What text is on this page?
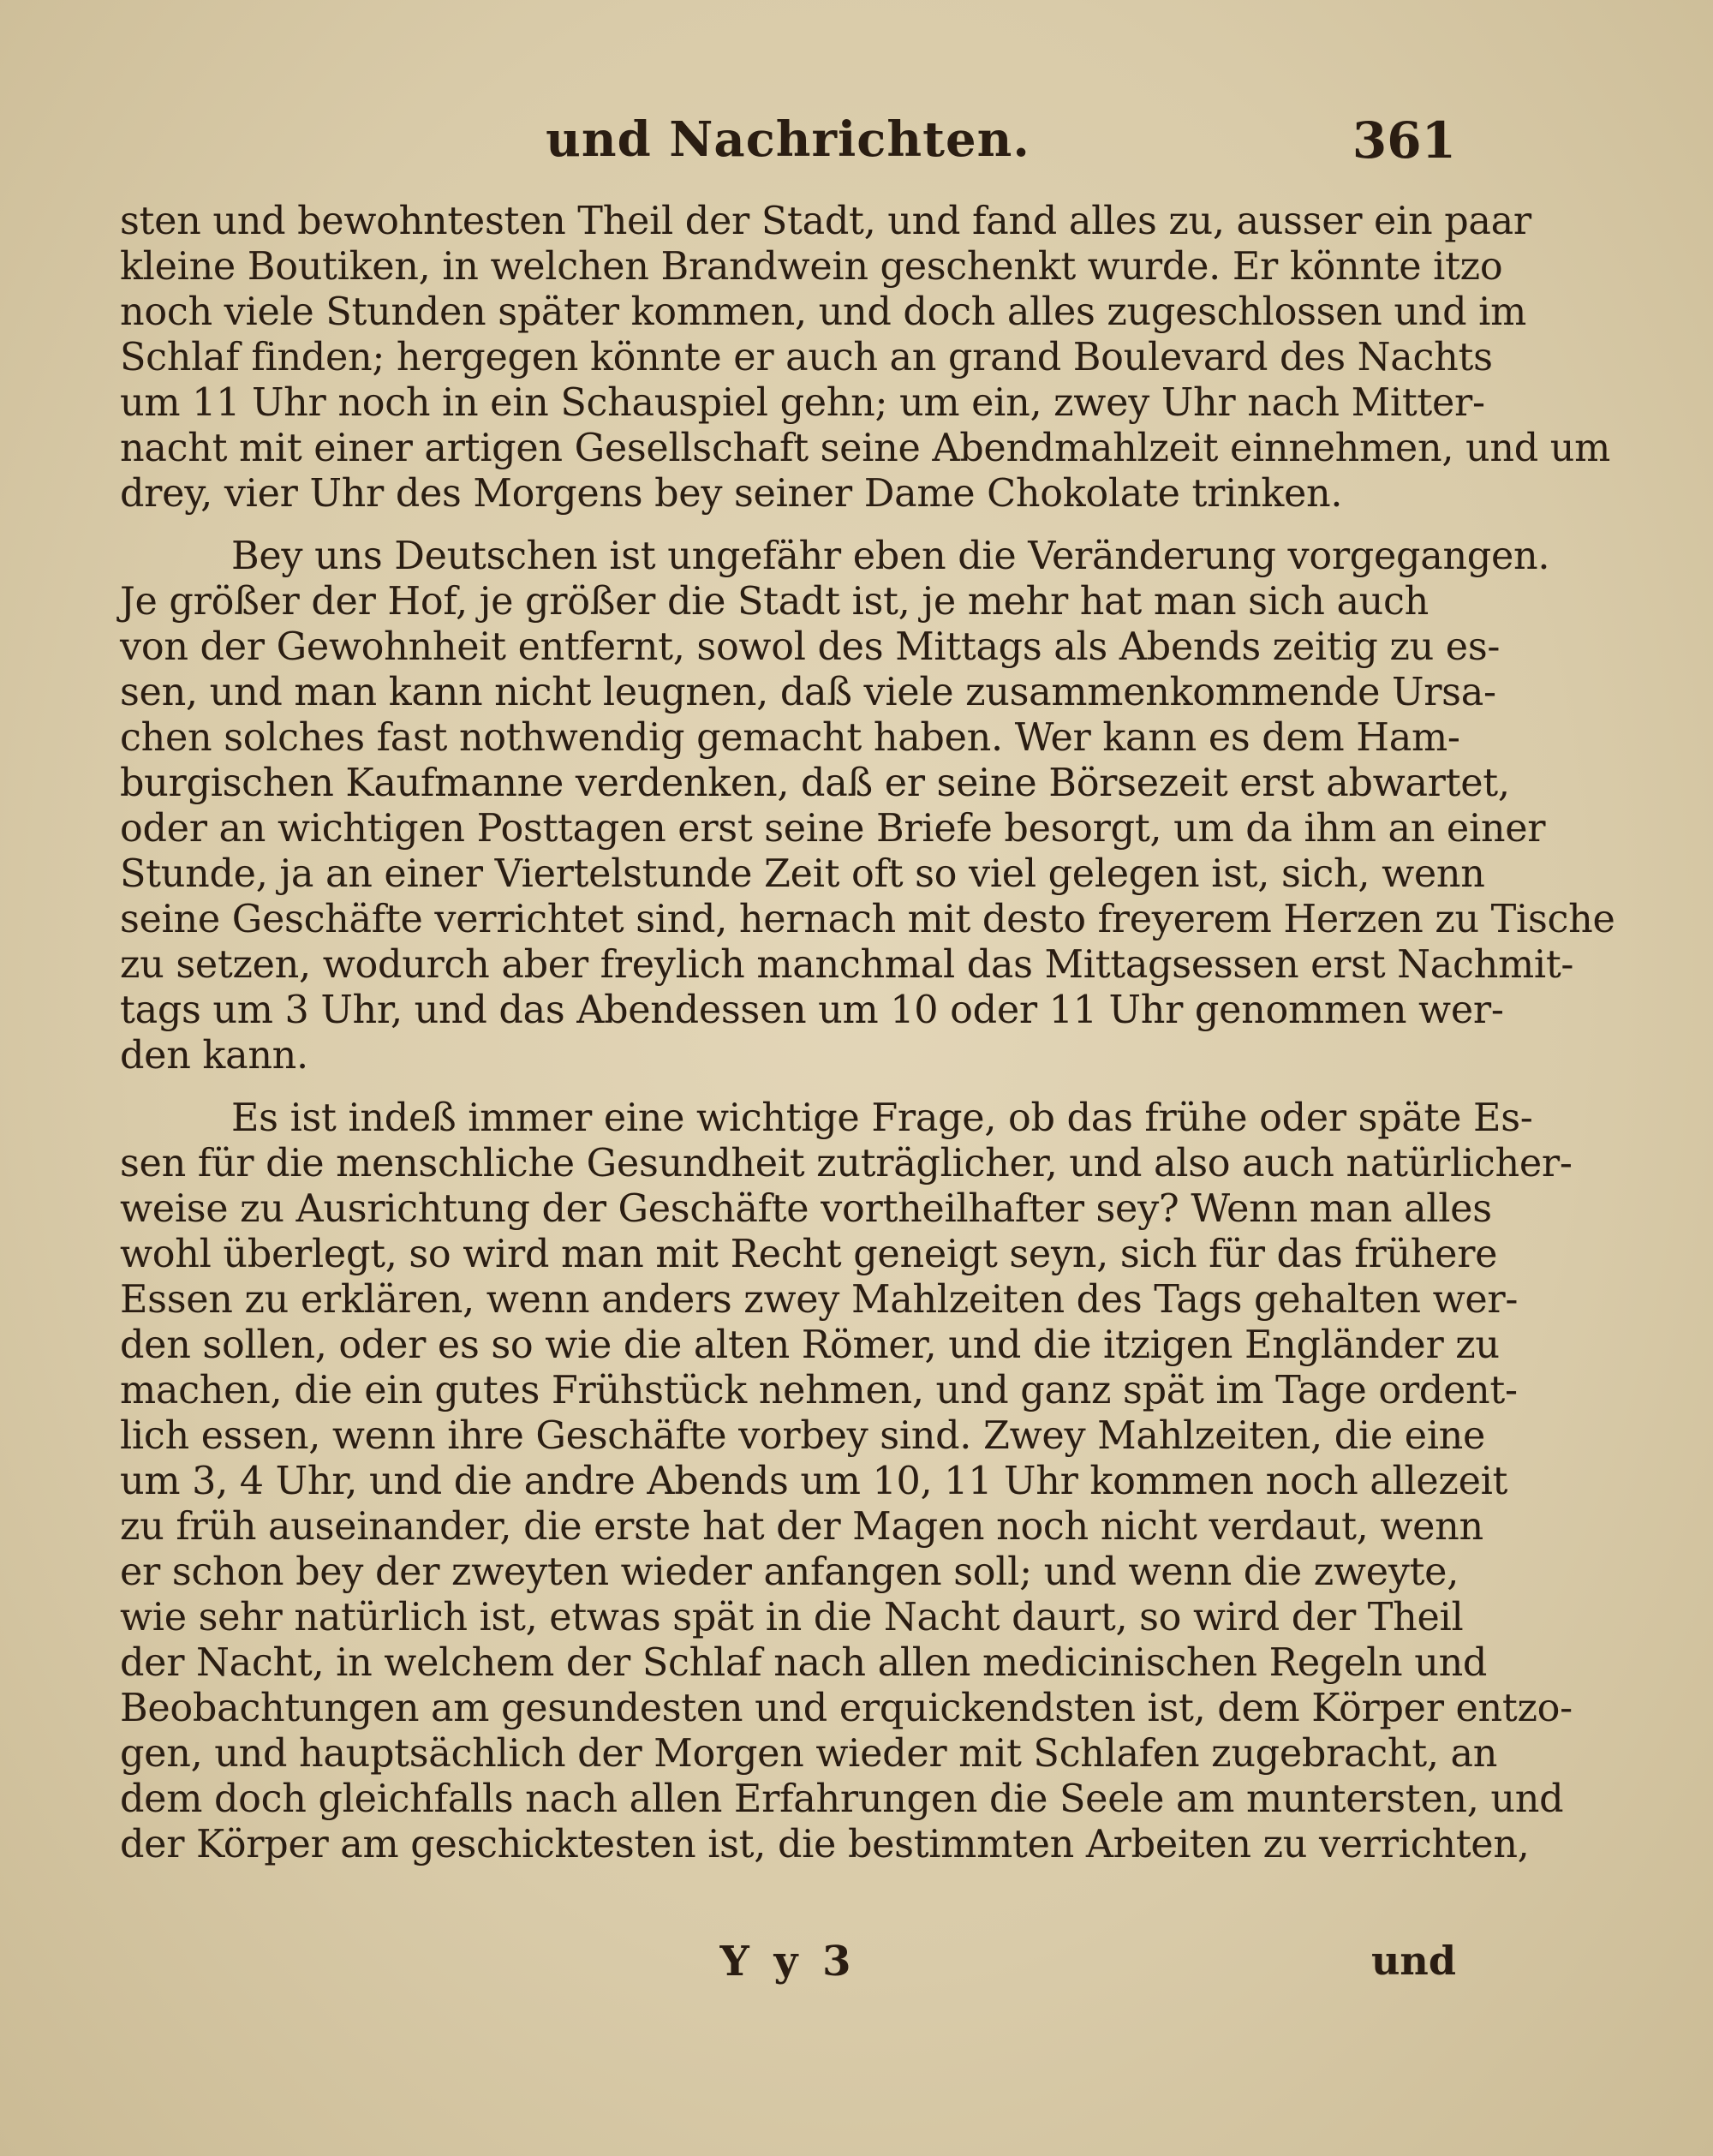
und Nachrichten.	361

sten und bewohntesten Theil der Stadt, und fand alles zu, ausser ein paar

kleine Boutiken, in welchen Brandwein geschenkt wurde. Er könnte itzo

noch viele Stunden später kommen, und doch alles zugeschlossen und im

Schlaf finden; hergegen könnte er auch an grand Boulevard des Nachts

um 11 Uhr noch in ein Schauspiel gehn; um ein, zwey Uhr nach Mitter-

nacht mit einer artigen Gesellschaft seine Abendmahlzeit einnehmen, und um

drey, vier Uhr des Morgens bey seiner Dame Chokolate trinken.

Bey uns Deutschen ist ungefähr eben die Veränderung vorgegangen.

Je größer der Hof, je größer die Stadt ist, je mehr hat man sich auch

von der Gewohnheit entfernt, sowol des Mittags als Abends zeitig zu es-

sen, und man kann nicht leugnen, daß viele zusammenkommende Ursa-

chen solches fast nothwendig gemacht haben. Wer kann es dem Ham-

burgischen Kaufmanne verdenken, daß er seine Börsezeit erst abwartet,

oder an wichtigen Posttagen erst seine Briefe besorgt, um da ihm an einer

Stunde, ja an einer Viertelstunde Zeit oft so viel gelegen ist, sich, wenn

seine Geschäfte verrichtet sind, hernach mit desto freyerem Herzen zu Tische

zu setzen, wodurch aber freylich manchmal das Mittagsessen erst Nachmit-

tags um 3 Uhr, und das Abendessen um 10 oder 11 Uhr genommen wer-

den kann.

Es ist indeß immer eine wichtige Frage, ob das frühe oder späte Es-

sen für die menschliche Gesundheit zuträglicher, und also auch natürlicher-

weise zu Ausrichtung der Geschäfte vortheilhafter sey? Wenn man alles

wohl überlegt, so wird man mit Recht geneigt seyn, sich für das frühere

Essen zu erklären, wenn anders zwey Mahlzeiten des Tags gehalten wer-

den sollen, oder es so wie die alten Römer, und die itzigen Engländer zu

machen, die ein gutes Frühstück nehmen, und ganz spät im Tage ordent-

lich essen, wenn ihre Geschäfte vorbey sind. Zwey Mahlzeiten, die eine

um 3, 4 Uhr, und die andre Abends um 10, 11 Uhr kommen noch allezeit

zu früh auseinander, die erste hat der Magen noch nicht verdaut, wenn

er schon bey der zweyten wieder anfangen soll; und wenn die zweyte,

wie sehr natürlich ist, etwas spät in die Nacht daurt, so wird der Theil

der Nacht, in welchem der Schlaf nach allen medicinischen Regeln und

Beobachtungen am gesundesten und erquickendsten ist, dem Körper entzo-

gen, und hauptsächlich der Morgen wieder mit Schlafen zugebracht, an

dem doch gleichfalls nach allen Erfahrungen die Seele am muntersten, und

der Körper am geschicktesten ist, die bestimmten Arbeiten zu verrichten,

Y y 3	und
